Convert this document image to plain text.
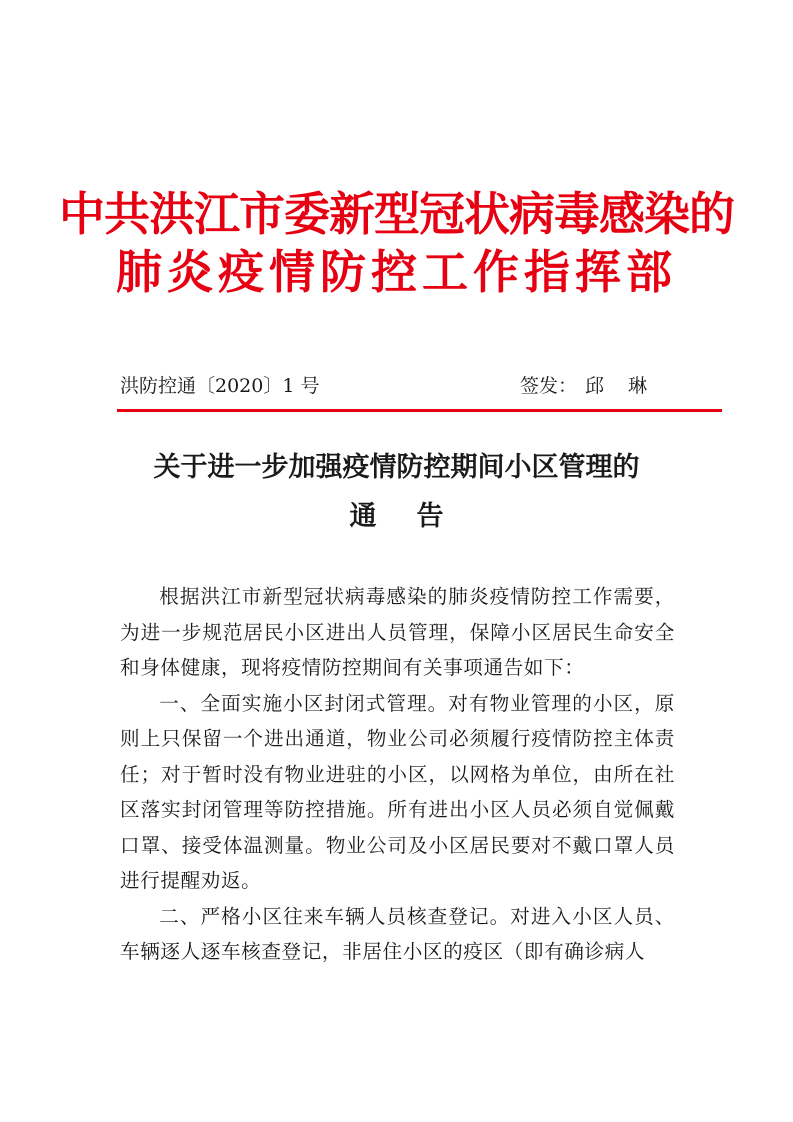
中共洪江市委新型冠状病毒感染的
肺炎疫情防控工作指挥部
洪防控通〔2020〕1 号	签发： 邱琳
关于进一步加强疫情防控期间小区管理的
通告

根据洪江市新型冠状病毒感染的肺炎疫情防控工作需要，为进一步规范居民小区进出人员管理，保障小区居民生命安全和身体健康，现将疫情防控期间有关事项通告如下：

一、全面实施小区封闭式管理。对有物业管理的小区，原则上只保留一个进出通道，物业公司必须履行疫情防控主体责任；对于暂时没有物业进驻的小区，以网格为单位，由所在社区落实封闭管理等防控措施。所有进出小区人员必须自觉佩戴口罩、接受体温测量。物业公司及小区居民要对不戴口罩人员进行提醒劝返。

二、严格小区往来车辆人员核查登记。对进入小区人员、车辆逐人逐车核查登记，非居住小区的疫区（即有确诊病人
